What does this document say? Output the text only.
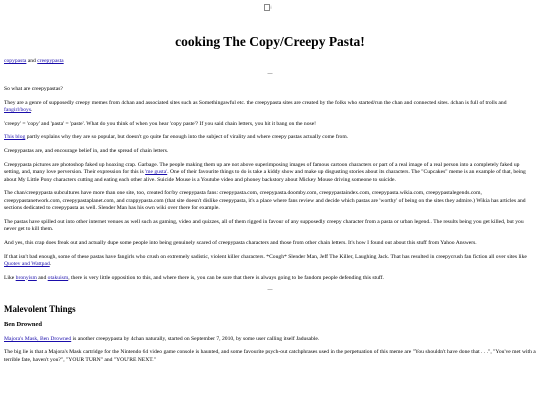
↓
cooking The Copy/Creepy Pasta!

copypasta and creepypasta

—

So what are creepypastas?

They are a genre of supposedly creepy memes from 4chan and associated sites such as Somethingawful etc. the creepypasta sites are created by the folks who started/run the chan and connected sites. 4chan is full of trolls and fangirl/boys.

'creepy' = 'copy' and 'pasta' = 'paste'. What do you think of when you hear 'copy paste'? If you said chain letters, you hit it bang on the nose!

This blog partly explains why they are so popular, but doesn't go quite far enough into the subject of virality and where creepy pastas actually come from.

Creepypastas are, and encourage belief in, and the spread of chain letters.

Creepypasta pictures are photoshop faked up hoaxing crap. Garbage. The people making them up are not above superimposing images of famous cartoon characters or part of a real image of a real person into a completely faked up setting, and, many love perversion. Their expression for this is 'me gusta'. One of their favourite things to do is take a kiddy show and make up disgusting stories about its characters. The "Cupcakes" meme is an example of that, being about My Little Pony characters cutting and eating each other alive. Suicide Mouse is a Youtube video and phoney backstory about Mickey Mouse driving someone to suicide.

The chan/creepypasta subcultures have more than one site, too, created for/by creepypasta fans: creepypasta.com, creepypasta.doomby.com, creepypastaindex.com, creepypasta.wikia.com, creepypastalegends.com, creepypastanetwork.com, creepypastaplanet.com, and crappypasta.com (that site doesn't dislike creepypasta, it's a place where fans review and decide which pastas are 'worthy' of being on the sites they admire.) Wikia has articles and sections dedicated to creepypasta as well. Slender Man has his own wiki over there for example.

The pastas have spilled out into other internet venues as well such as gaming, video and quizzes, all of them rigged in favour of any supposedly creepy character from a pasta or urban legend.. The results being you get killed, but you never get to kill them.

And yes, this crap does freak out and actually dupe some people into being genuinely scared of creepypasta characters and those from other chain letters. It's how I found out about this stuff from Yahoo Answers.

If that isn't bad enough, some of these pastas have fangirls who crush on extremely sadistic, violent killer characters. *Cough* Slender Man, Jeff The Killer, Laughing Jack. That has resulted in creepycrush fan fiction all over sites like Quotev and Wattpad.

Like bronyism and otakuism, there is very little opposition to this, and where there is, you can be sure that there is always going to be fandom people defending this stuff.

—
Malevolent Things
Ben Drowned

Majora's Mask, Ben Drowned is another creepypasta by 4chan naturally, started on September 7, 2010, by some user calling itself Jadusable.

The big lie is that a Majora's Mask cartridge for the Nintendo 64 video game console is haunted, and some favourite psych-out catchphrases used in the perpetuation of this meme are "You shouldn't have done that . . .", "You've met with a terrible fate, haven't you?", "YOUR TURN" and "YOU'RE NEXT."
